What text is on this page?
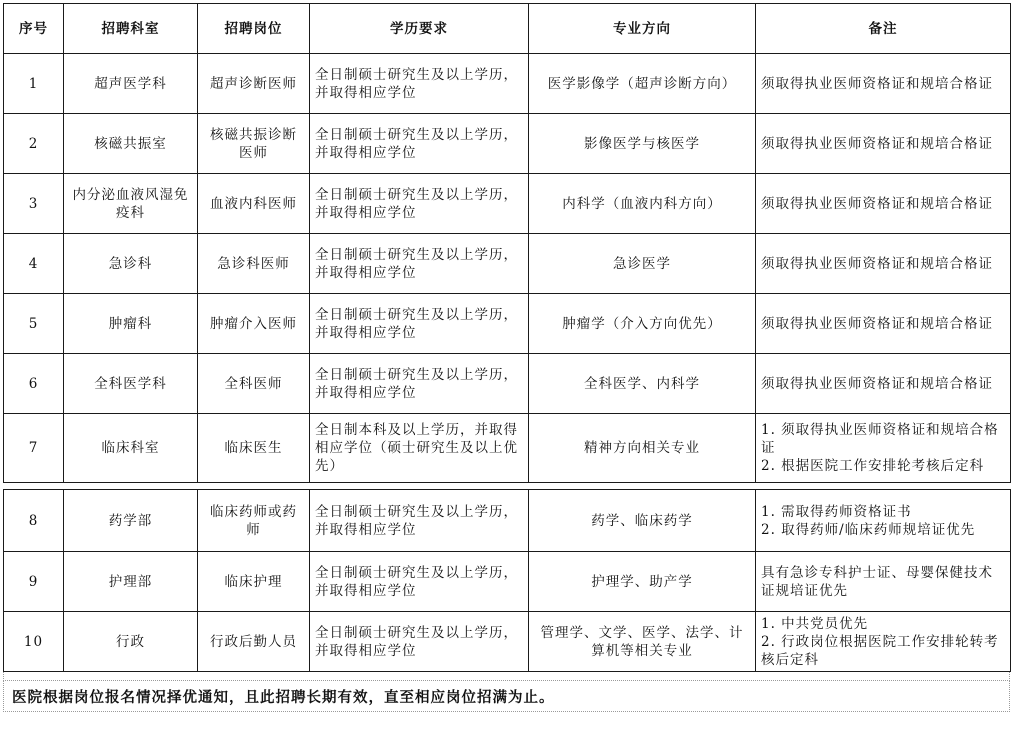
序号	招聘科室	招聘岗位	学历要求	专业方向	备注
1	超声医学科	超声诊断医师	全日制硕士研究生及以上学历，并取得相应学位	医学影像学（超声诊断方向）	须取得执业医师资格证和规培合格证

2	核磁共振室	核磁共振诊断医师	全日制硕士研究生及以上学历，并取得相应学位	影像医学与核医学	须取得执业医师资格证和规培合格证

3	内分泌血液风湿免疫科	血液内科医师	全日制硕士研究生及以上学历，并取得相应学位	内科学（血液内科方向）	须取得执业医师资格证和规培合格证

4	急诊科	急诊科医师	全日制硕士研究生及以上学历，并取得相应学位	急诊医学	须取得执业医师资格证和规培合格证

5	肿瘤科	肿瘤介入医师	全日制硕士研究生及以上学历，并取得相应学位	肿瘤学（介入方向优先）	须取得执业医师资格证和规培合格证

6	全科医学科	全科医师	全日制硕士研究生及以上学历，并取得相应学位	全科医学、内科学	须取得执业医师资格证和规培合格证

7	临床科室	临床医生	全日制本科及以上学历，并取得相应学位（硕士研究生及以上优先）	精神方向相关专业	1. 须取得执业医师资格证和规培合格证
2. 根据医院工作安排轮考核后定科
8	药学部	临床药师或药师	全日制硕士研究生及以上学历，并取得相应学位	药学、临床药学	1. 需取得药师资格证书
2. 取得药师/临床药师规培证优先

9	护理部	临床护理	全日制硕士研究生及以上学历，并取得相应学位	护理学、助产学	具有急诊专科护士证、母婴保健技术证规培证优先

10	行政	行政后勤人员	全日制硕士研究生及以上学历，并取得相应学位	管理学、文学、医学、法学、计算机等相关专业	1. 中共党员优先
2. 行政岗位根据医院工作安排轮转考核后定科
医院根据岗位报名情况择优通知，且此招聘长期有效，直至相应岗位招满为止。
